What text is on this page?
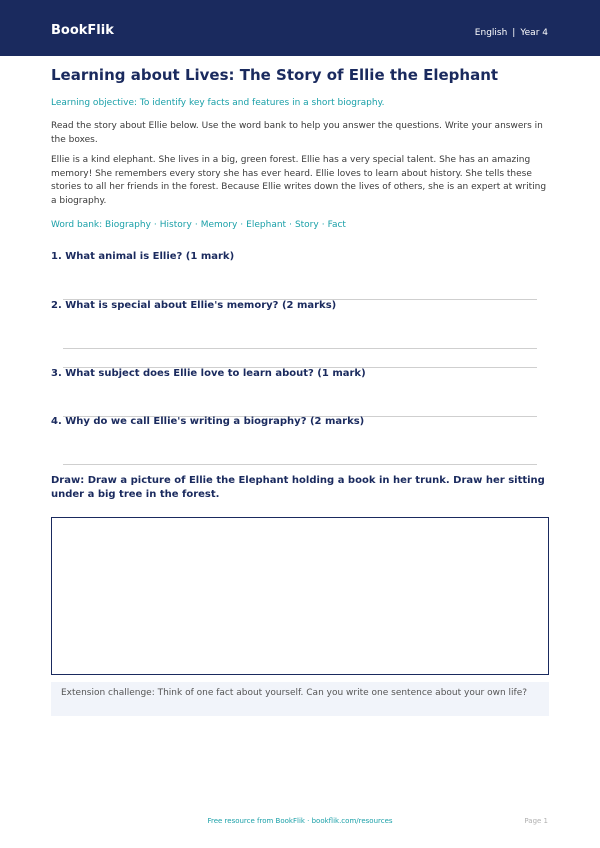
BookFlik	English | Year 4
Learning about Lives: The Story of Ellie the Elephant
Learning objective: To identify key facts and features in a short biography.
Read the story about Ellie below. Use the word bank to help you answer the questions. Write your answers in the boxes.
Ellie is a kind elephant. She lives in a big, green forest. Ellie has a very special talent. She has an amazing memory! She remembers every story she has ever heard. Ellie loves to learn about history. She tells these stories to all her friends in the forest. Because Ellie writes down the lives of others, she is an expert at writing a biography.
Word bank: Biography · History · Memory · Elephant · Story · Fact
1. What animal is Ellie? (1 mark)
2. What is special about Ellie's memory? (2 marks)
3. What subject does Ellie love to learn about? (1 mark)
4. Why do we call Ellie's writing a biography? (2 marks)
Draw: Draw a picture of Ellie the Elephant holding a book in her trunk. Draw her sitting under a big tree in the forest.
Extension challenge: Think of one fact about yourself. Can you write one sentence about your own life?
Free resource from BookFlik · bookflik.com/resources	Page 1
